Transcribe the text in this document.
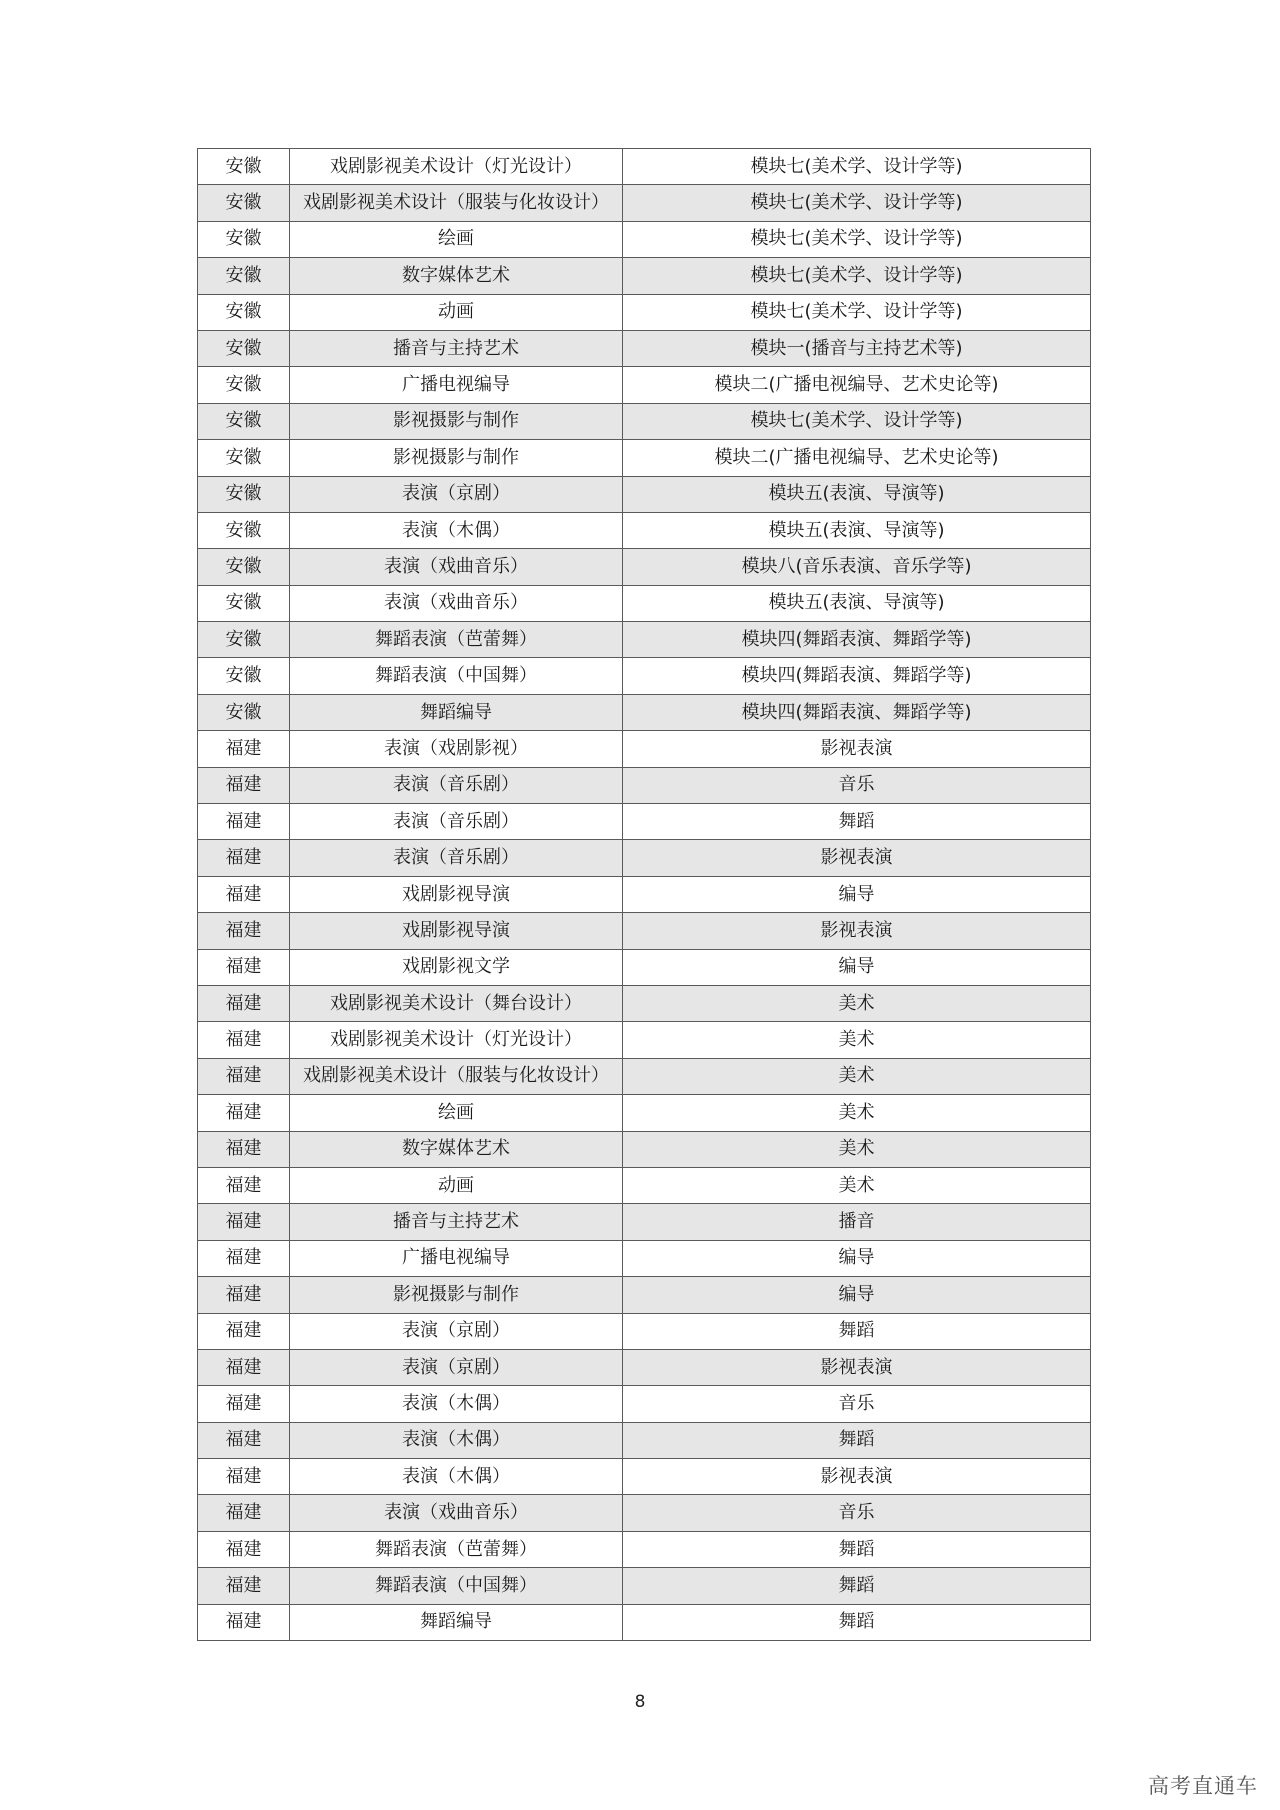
安徽	戏剧影视美术设计（灯光设计）	模块七(美术学、设计学等)
安徽	戏剧影视美术设计（服装与化妆设计）	模块七(美术学、设计学等)
安徽	绘画	模块七(美术学、设计学等)
安徽	数字媒体艺术	模块七(美术学、设计学等)
安徽	动画	模块七(美术学、设计学等)
安徽	播音与主持艺术	模块一(播音与主持艺术等)
安徽	广播电视编导	模块二(广播电视编导、艺术史论等)
安徽	影视摄影与制作	模块七(美术学、设计学等)
安徽	影视摄影与制作	模块二(广播电视编导、艺术史论等)
安徽	表演（京剧）	模块五(表演、导演等)
安徽	表演（木偶）	模块五(表演、导演等)
安徽	表演（戏曲音乐）	模块八(音乐表演、音乐学等)
安徽	表演（戏曲音乐）	模块五(表演、导演等)
安徽	舞蹈表演（芭蕾舞）	模块四(舞蹈表演、舞蹈学等)
安徽	舞蹈表演（中国舞）	模块四(舞蹈表演、舞蹈学等)
安徽	舞蹈编导	模块四(舞蹈表演、舞蹈学等)
福建	表演（戏剧影视）	影视表演
福建	表演（音乐剧）	音乐
福建	表演（音乐剧）	舞蹈
福建	表演（音乐剧）	影视表演
福建	戏剧影视导演	编导
福建	戏剧影视导演	影视表演
福建	戏剧影视文学	编导
福建	戏剧影视美术设计（舞台设计）	美术
福建	戏剧影视美术设计（灯光设计）	美术
福建	戏剧影视美术设计（服装与化妆设计）	美术
福建	绘画	美术
福建	数字媒体艺术	美术
福建	动画	美术
福建	播音与主持艺术	播音
福建	广播电视编导	编导
福建	影视摄影与制作	编导
福建	表演（京剧）	舞蹈
福建	表演（京剧）	影视表演
福建	表演（木偶）	音乐
福建	表演（木偶）	舞蹈
福建	表演（木偶）	影视表演
福建	表演（戏曲音乐）	音乐
福建	舞蹈表演（芭蕾舞）	舞蹈
福建	舞蹈表演（中国舞）	舞蹈
福建	舞蹈编导	舞蹈
8
高考直通车
